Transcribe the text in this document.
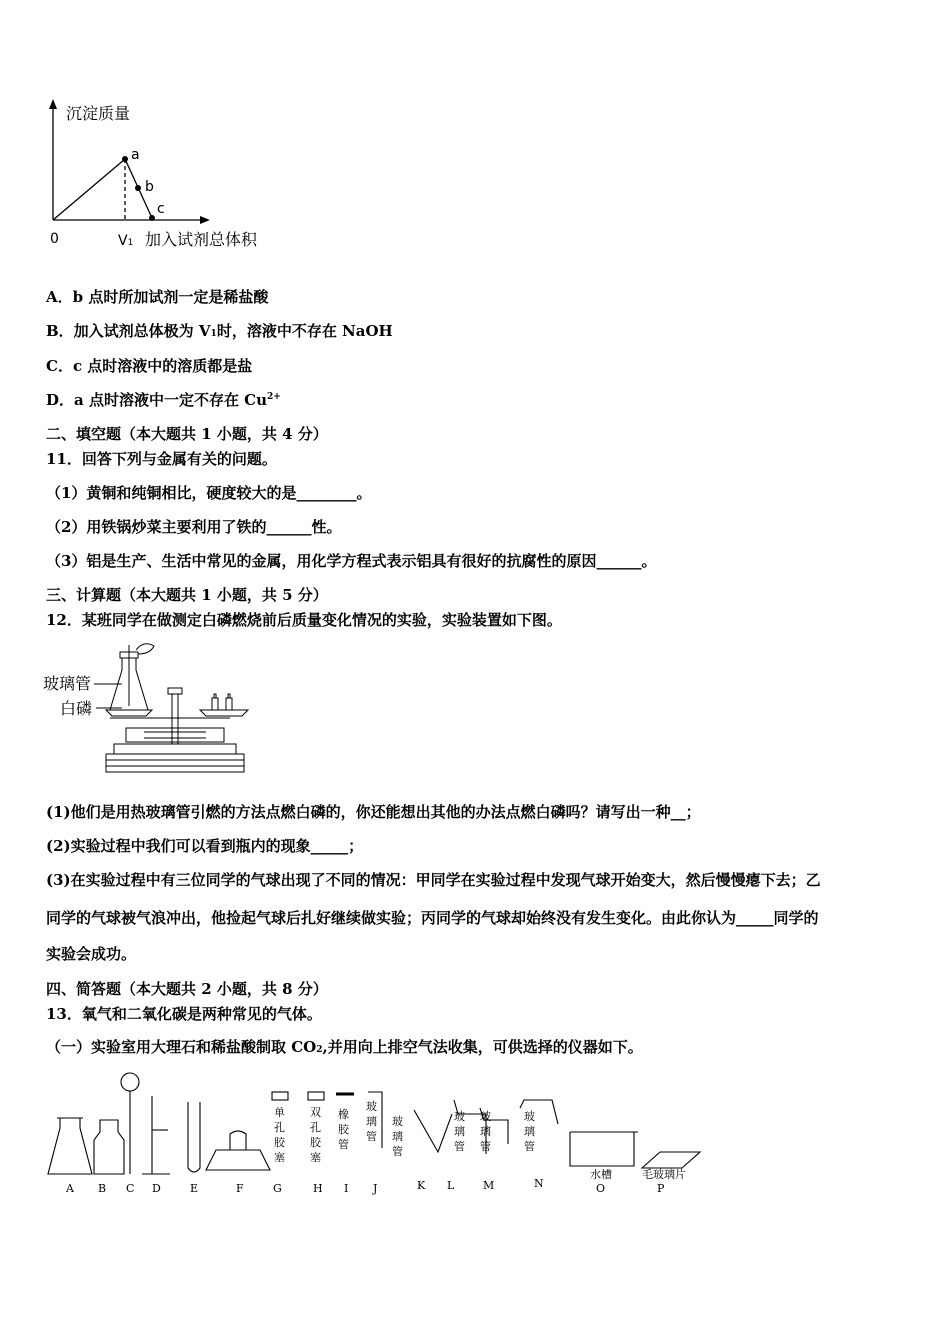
沉淀质量
a
b
c
0	V1 加入试剂总体积
A．b 点时所加试剂一定是稀盐酸
B．加入试剂总体极为 V1时，溶液中不存在 NaOH
C．c 点时溶液中的溶质都是盐
D．a 点时溶液中一定不存在 $Cu^{2+}$
二、填空题（本大题共 1 小题，共 4 分）
11．回答下列与金属有关的问题。
（1）黄铜和纯铜相比，硬度较大的是________。
（2）用铁锅炒菜主要利用了铁的______性。
（3）铝是生产、生活中常见的金属，用化学方程式表示铝具有很好的抗腐性的原因______。
三、计算题（本大题共 1 小题，共 5 分）
12．某班同学在做测定白磷燃烧前后质量变化情况的实验，实验装置如下图。
玻璃管
白磷
(1)他们是用热玻璃管引燃的方法点燃白磷的，你还能想出其他的办法点燃白磷吗？请写出一种__；
(2)实验过程中我们可以看到瓶内的现象_____；
(3)在实验过程中有三位同学的气球出现了不同的情况：甲同学在实验过程中发现气球开始变大，然后慢慢瘪下去；乙
同学的气球被气浪冲出，他捡起气球后扎好继续做实验；丙同学的气球却始终没有发生变化。由此你认为_____同学的
实验会成功。
四、简答题（本大题共 2 小题，共 8 分）
13．氧气和二氧化碳是两种常见的气体。
（一）实验室用大理石和稀盐酸制取 CO2,并用向上排空气法收集，可供选择的仪器如下。
单
孔
胶
塞
双
孔
胶
塞
橡
胶
管
玻
璃
管
玻
璃
管
玻
璃
管
玻
璃
管
玻
璃
管
水槽	毛玻璃片
A B C D	E	F	G	H I J	K L	M	N	O	P
